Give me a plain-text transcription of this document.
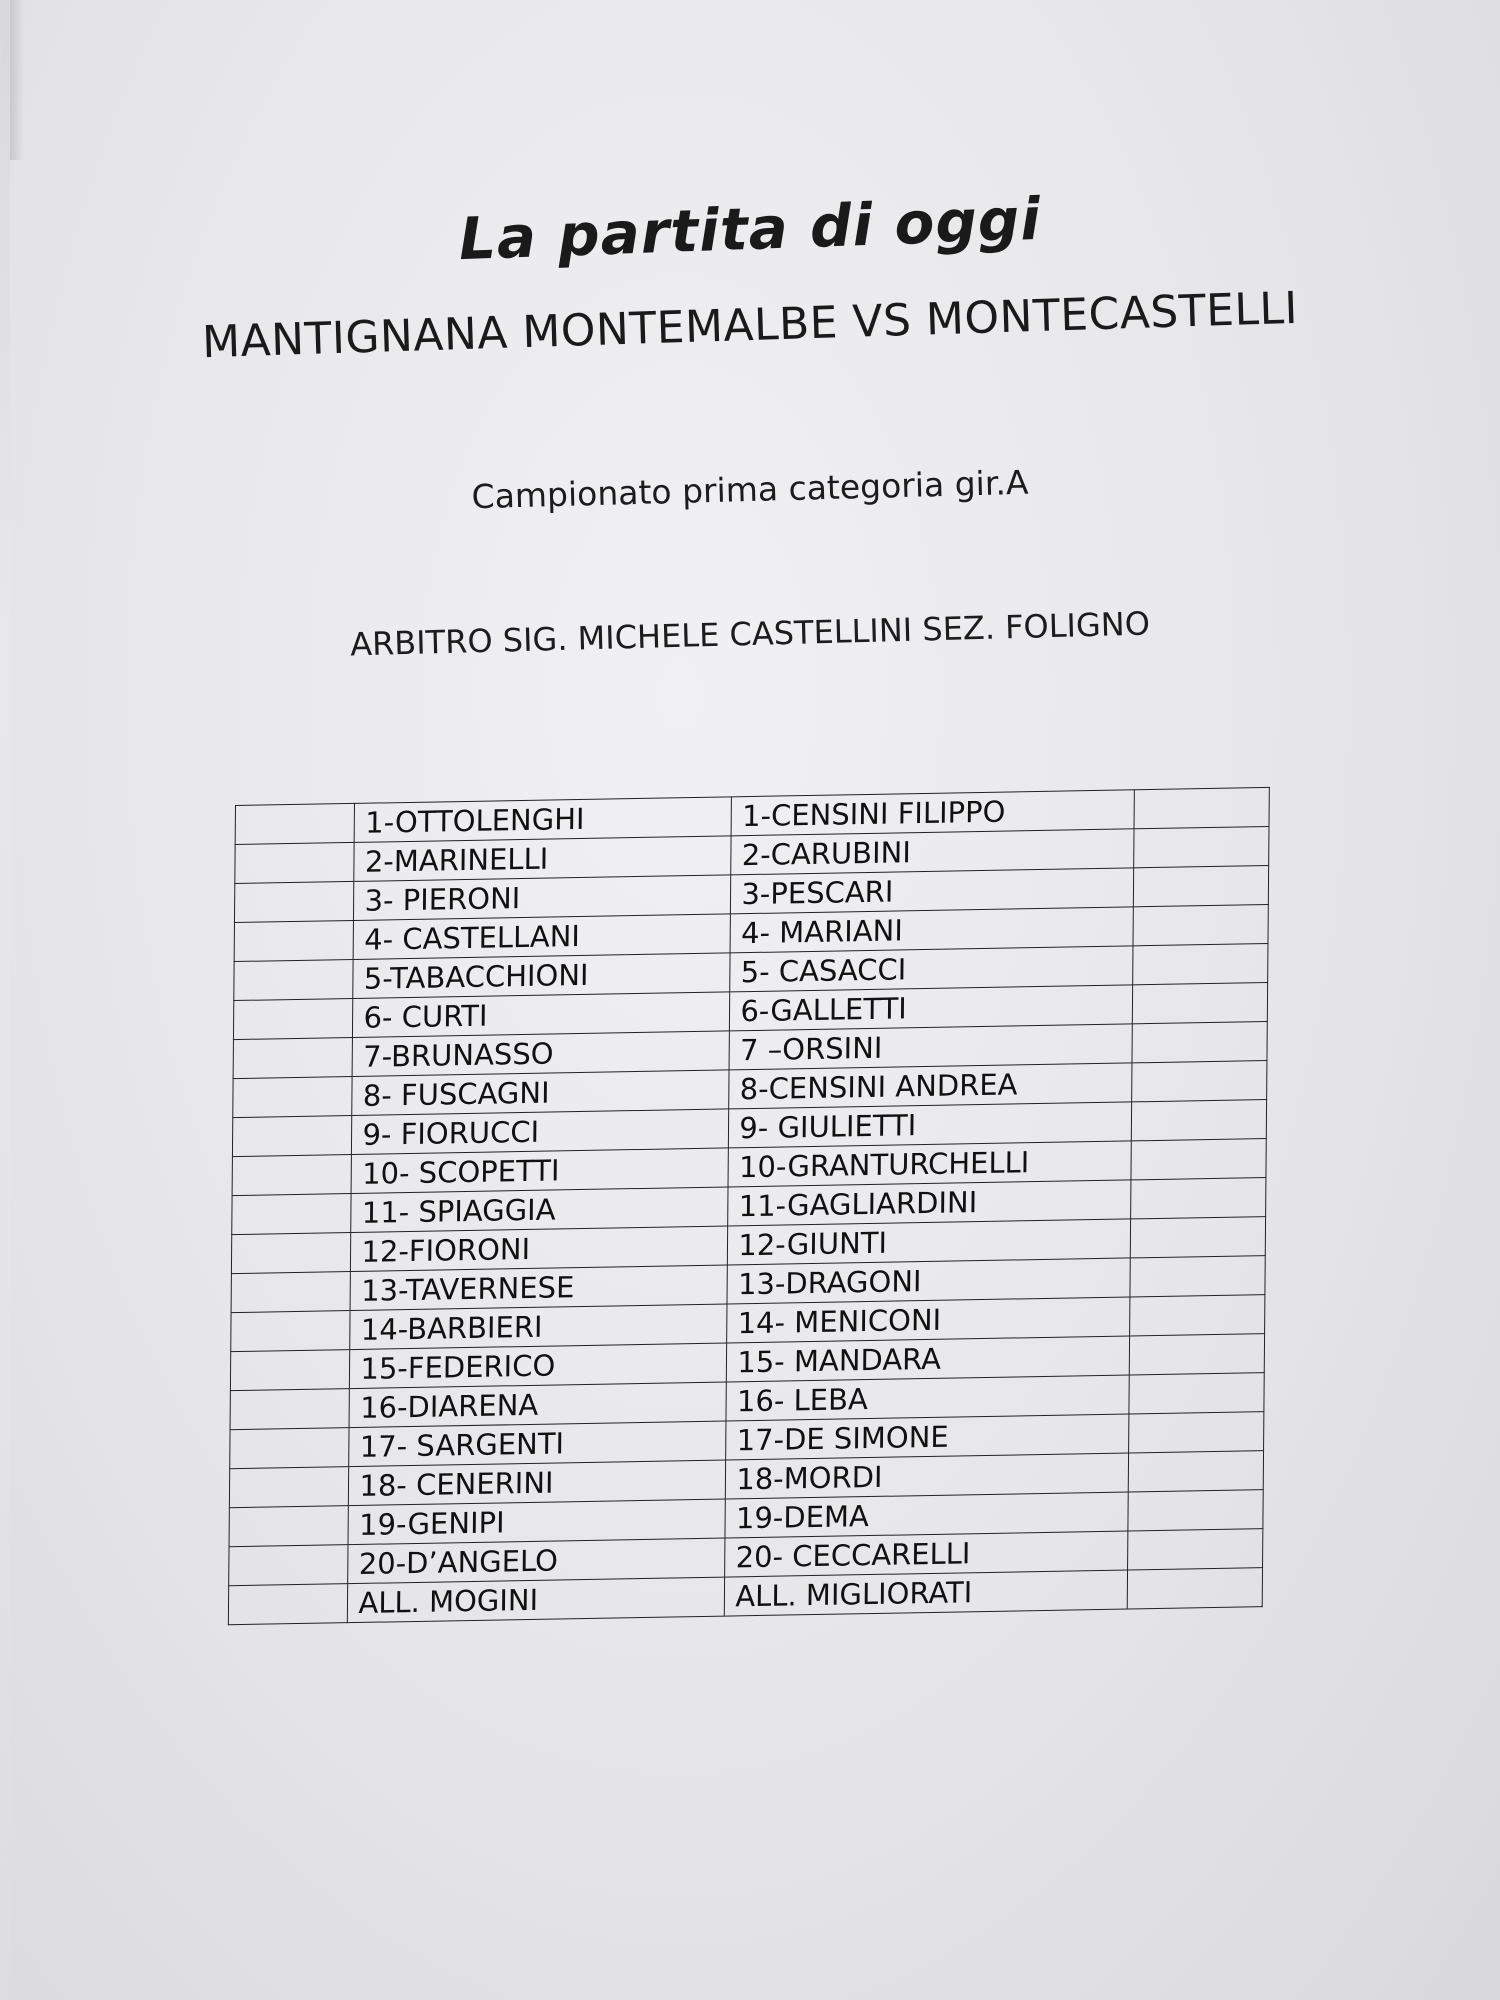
La partita di oggi
MANTIGNANA MONTEMALBE VS MONTECASTELLI
Campionato prima categoria gir.A
ARBITRO SIG. MICHELE CASTELLINI SEZ. FOLIGNO
	1-OTTOLENGHI	1-CENSINI FILIPPO	
	2-MARINELLI	2-CARUBINI	
	3- PIERONI	3-PESCARI	
	4- CASTELLANI	4- MARIANI	
	5-TABACCHIONI	5- CASACCI	
	6- CURTI	6-GALLETTI	
	7-BRUNASSO	7 –ORSINI	
	8- FUSCAGNI	8-CENSINI ANDREA	
	9- FIORUCCI	9- GIULIETTI	
	10- SCOPETTI	10-GRANTURCHELLI	
	11- SPIAGGIA	11-GAGLIARDINI	
	12-FIORONI	12-GIUNTI	
	13-TAVERNESE	13-DRAGONI	
	14-BARBIERI	14- MENICONI	
	15-FEDERICO	15- MANDARA	
	16-DIARENA	16- LEBA	
	17- SARGENTI	17-DE SIMONE	
	18- CENERINI	18-MORDI	
	19-GENIPI	19-DEMA	
	20-D’ANGELO	20- CECCARELLI	
	ALL. MOGINI	ALL. MIGLIORATI	
